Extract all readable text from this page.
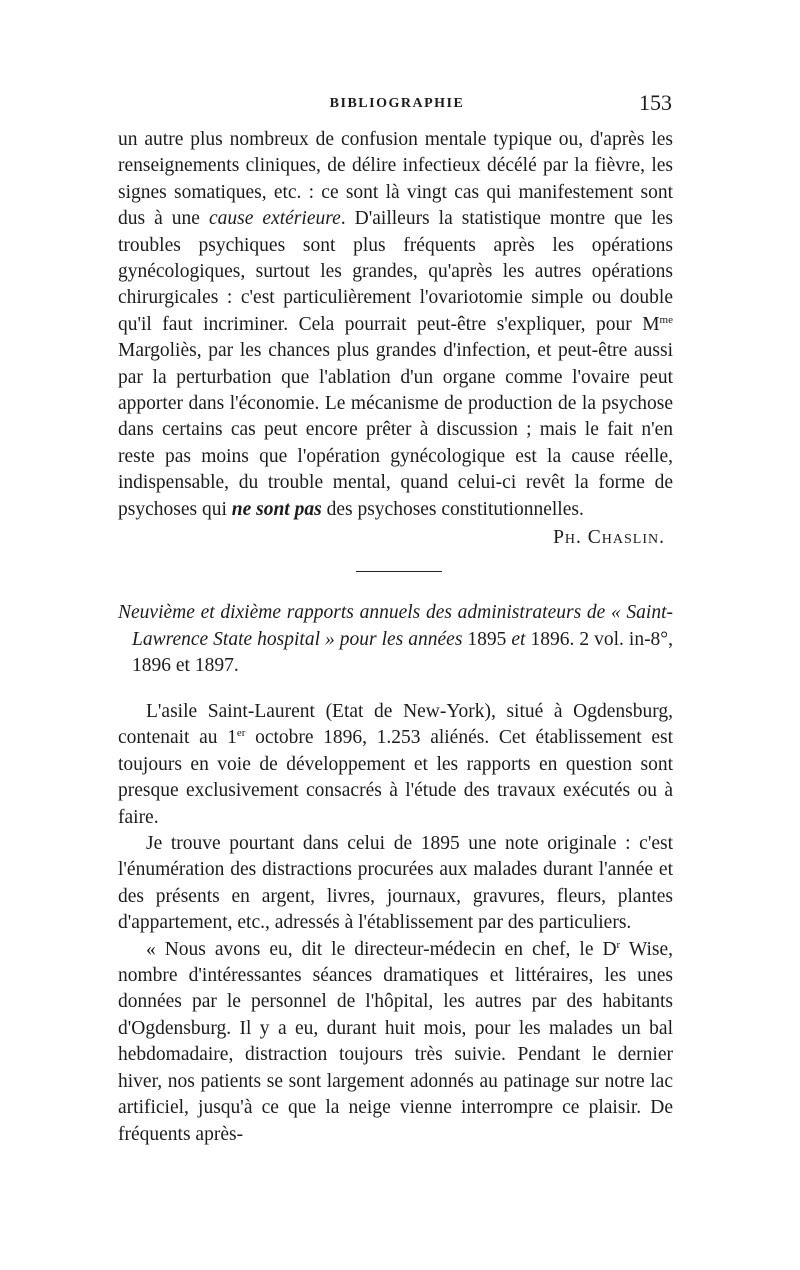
BIBLIOGRAPHIE	153

un autre plus nombreux de confusion mentale typique ou, d'après les renseignements cliniques, de délire infectieux décélé par la fièvre, les signes somatiques, etc. : ce sont là vingt cas qui manifestement sont dus à une cause extérieure. D'ailleurs la statistique montre que les troubles psychiques sont plus fréquents après les opérations gynécologiques, surtout les grandes, qu'après les autres opérations chirurgicales : c'est particulièrement l'ovariotomie simple ou double qu'il faut incriminer. Cela pourrait peut-être s'expliquer, pour $M^{me}$ Margoliès, par les chances plus grandes d'infection, et peut-être aussi par la perturbation que l'ablation d'un organe comme l'ovaire peut apporter dans l'économie. Le mécanisme de production de la psychose dans certains cas peut encore prêter à discussion ; mais le fait n'en reste pas moins que l'opération gynécologique est la cause réelle, indispensable, du trouble mental, quand celui-ci revêt la forme de psychoses qui ne sont pas des psychoses constitutionnelles.

Ph. Chaslin.

Neuvième et dixième rapports annuels des administrateurs de « Saint-Lawrence State hospital » pour les années 1895 et 1896. 2 vol. in-8°, 1896 et 1897.

L'asile Saint-Laurent (Etat de New-York), situé à Ogdensburg, contenait au 1er octobre 1896, 1.253 aliénés. Cet établissement est toujours en voie de développement et les rapports en question sont presque exclusivement consacrés à l'étude des travaux exécutés ou à faire.

Je trouve pourtant dans celui de 1895 une note originale : c'est l'énumération des distractions procurées aux malades durant l'année et des présents en argent, livres, journaux, gravures, fleurs, plantes d'appartement, etc., adressés à l'établissement par des particuliers.

« Nous avons eu, dit le directeur-médecin en chef, le $D^r$ Wise, nombre d'intéressantes séances dramatiques et littéraires, les unes données par le personnel de l'hôpital, les autres par des habitants d'Ogdensburg. Il y a eu, durant huit mois, pour les malades un bal hebdomadaire, distraction toujours très suivie. Pendant le dernier hiver, nos patients se sont largement adonnés au patinage sur notre lac artificiel, jusqu'à ce que la neige vienne interrompre ce plaisir. De fréquents après-
